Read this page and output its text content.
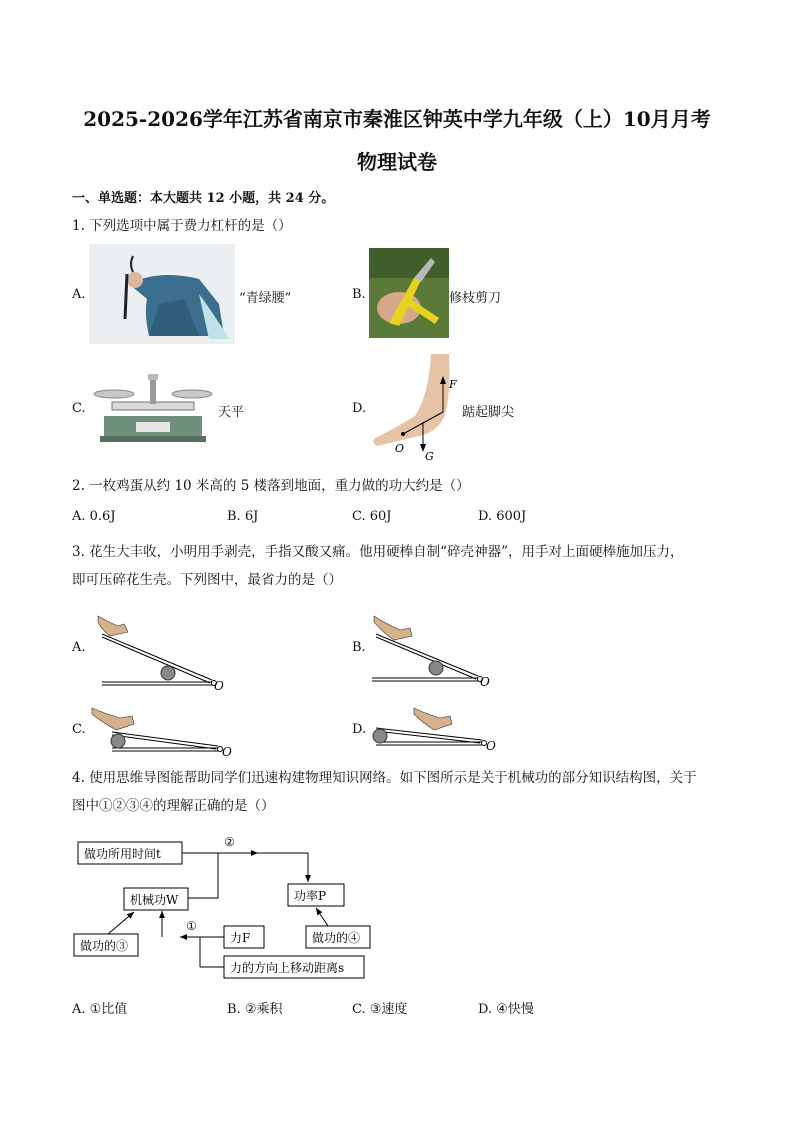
2025-2026学年江苏省南京市秦淮区钟英中学九年级（上）10月月考
物理试卷
一、单选题：本大题共 12 小题，共 24 分。
1. 下列选项中属于费力杠杆的是（）
A.	“青绿腰”	B.	修枝剪刀
C.	天平	D.
F
O
G
踮起脚尖
2. 一枚鸡蛋从约 10 米高的 5 楼落到地面，重力做的功大约是（）
A. 0.6J	B. 6J	C. 60J	D. 600J
3. 花生大丰收，小明用手剥壳，手指又酸又痛。他用硬棒自制“碎壳神器”，用手对上面硬棒施加压力，
即可压碎花生壳。下列图中，最省力的是（）
A.
O
B.
O
C.
O
D.
O
4. 使用思维导图能帮助同学们迅速构建物理知识网络。如下图所示是关于机械功的部分知识结构图，关于
图中①②③④的理解正确的是（）
做功所用时间t
机械功W	功率P
做功的③
力F	做功的④
力的方向上移动距离s
②
①
A. ①比值	B. ②乘积	C. ③速度	D. ④快慢
